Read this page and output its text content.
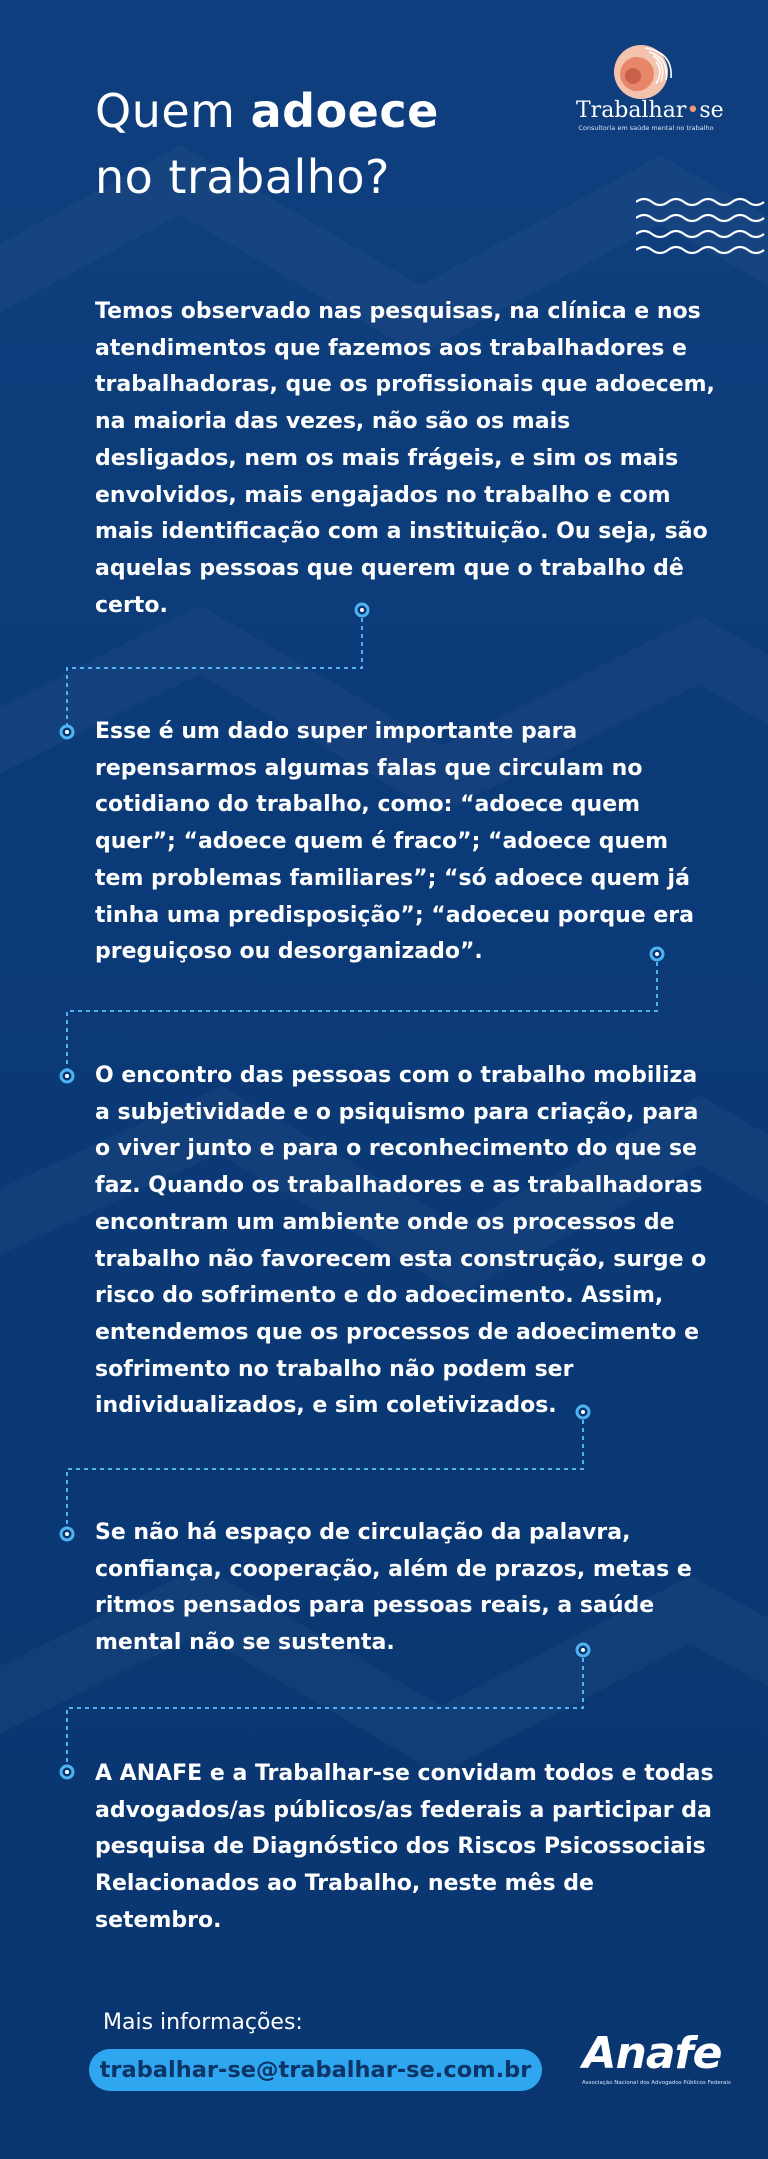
Quem adoece
no trabalho?
Trabalhar•se
Consultoria em saúde mental no trabalho
Temos observado nas pesquisas, na clínica e nos atendimentos que fazemos aos trabalhadores e trabalhadoras, que os profissionais que adoecem, na maioria das vezes, não são os mais desligados, nem os mais frágeis, e sim os mais envolvidos, mais engajados no trabalho e com mais identificação com a instituição. Ou seja, são aquelas pessoas que querem que o trabalho dê certo.
Esse é um dado super importante para repensarmos algumas falas que circulam no cotidiano do trabalho, como: “adoece quem quer”; “adoece quem é fraco”; “adoece quem tem problemas familiares”; “só adoece quem já tinha uma predisposição”; “adoeceu porque era preguiçoso ou desorganizado”.
O encontro das pessoas com o trabalho mobiliza a subjetividade e o psiquismo para criação, para o viver junto e para o reconhecimento do que se faz. Quando os trabalhadores e as trabalhadoras encontram um ambiente onde os processos de trabalho não favorecem esta construção, surge o risco do sofrimento e do adoecimento. Assim, entendemos que os processos de adoecimento e sofrimento no trabalho não podem ser individualizados, e sim coletivizados.
Se não há espaço de circulação da palavra, confiança, cooperação, além de prazos, metas e ritmos pensados para pessoas reais, a saúde mental não se sustenta.
A ANAFE e a Trabalhar-se convidam todos e todas advogados/as públicos/as federais a participar da pesquisa de Diagnóstico dos Riscos Psicossociais Relacionados ao Trabalho, neste mês de setembro.
Mais informações:
trabalhar-se@trabalhar-se.com.br Anafe
Associação Nacional dos Advogados Públicos Federais
